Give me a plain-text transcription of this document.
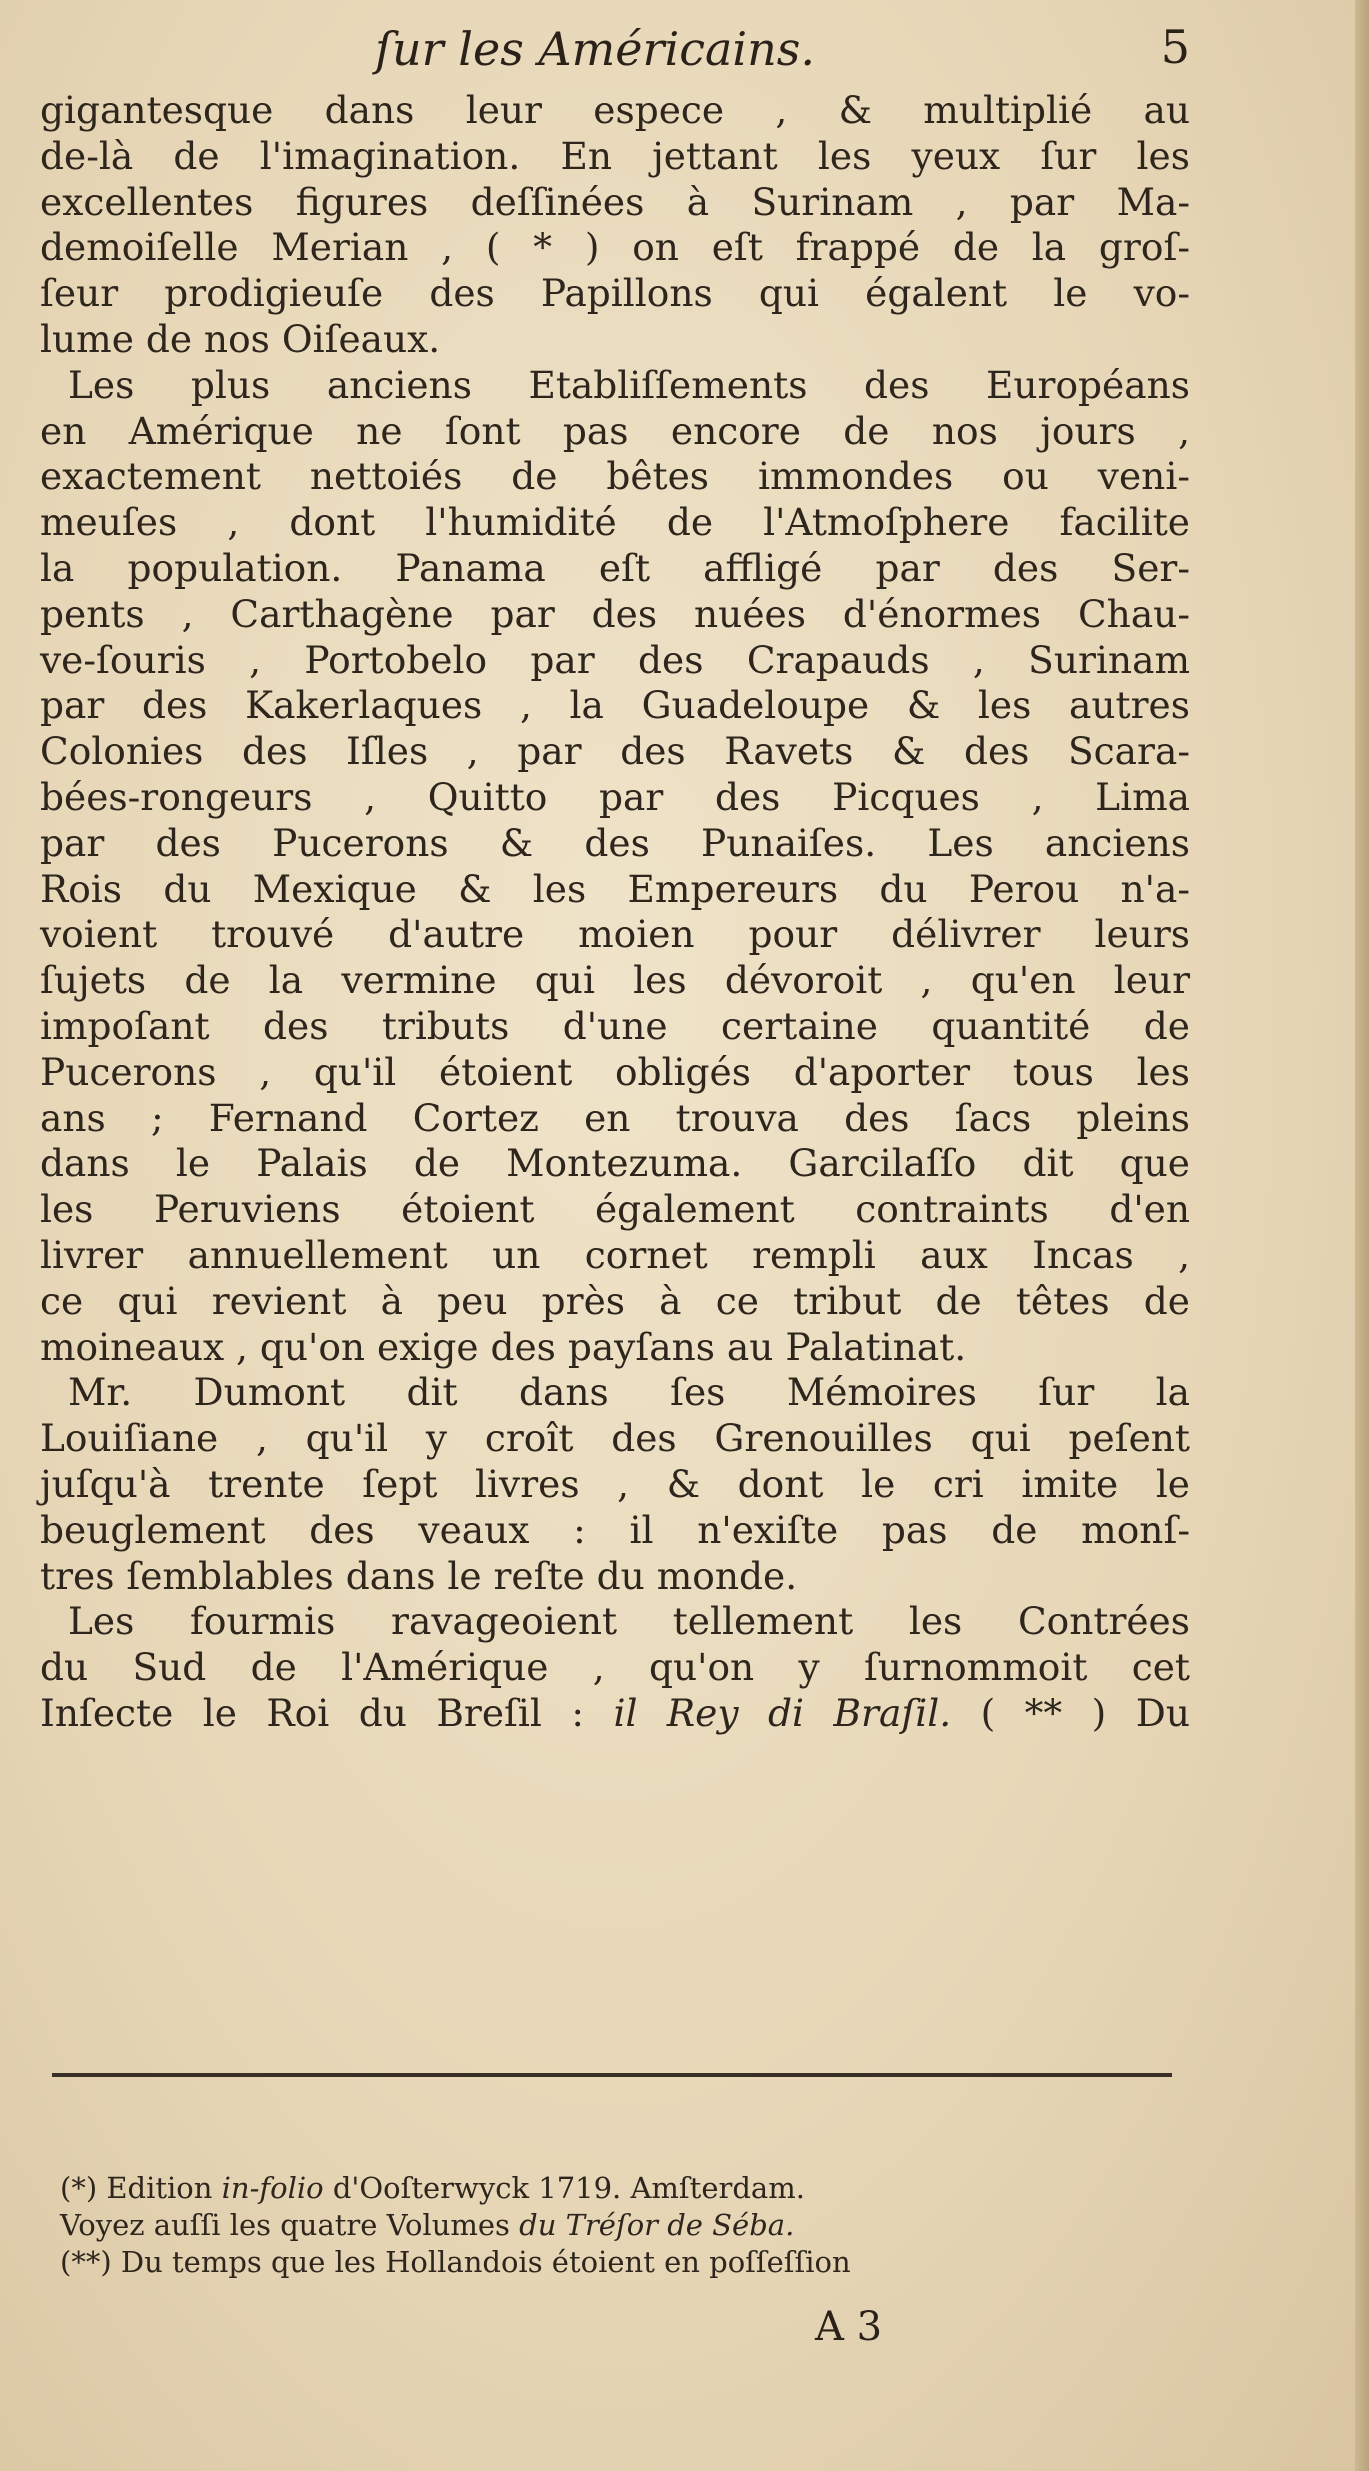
ſur les Américains.	5
gigantesque dans leur espece , & multiplié au
de-là de l'imagination. En jettant les yeux ſur les
excellentes figures deſſinées à Surinam , par Ma-
demoiſelle Merian , ( * ) on eſt frappé de la groſ-
ſeur prodigieuſe des Papillons qui égalent le vo-
lume de nos Oiſeaux.
Les plus anciens Etabliſſements des Européans
en Amérique ne ſont pas encore de nos jours ,
exactement nettoiés de bêtes immondes ou veni-
meuſes , dont l'humidité de l'Atmoſphere facilite
la population. Panama eſt affligé par des Ser-
pents , Carthagène par des nuées d'énormes Chau-
ve-ſouris , Portobelo par des Crapauds , Surinam
par des Kakerlaques , la Guadeloupe & les autres
Colonies des Iſles , par des Ravets & des Scara-
bées-rongeurs , Quitto par des Picques , Lima
par des Pucerons & des Punaiſes. Les anciens
Rois du Mexique & les Empereurs du Perou n'a-
voient trouvé d'autre moien pour délivrer leurs
ſujets de la vermine qui les dévoroit , qu'en leur
impoſant des tributs d'une certaine quantité de
Pucerons , qu'il étoient obligés d'aporter tous les
ans ; Fernand Cortez en trouva des ſacs pleins
dans le Palais de Montezuma. Garcilaſſo dit que
les Peruviens étoient également contraints d'en
livrer annuellement un cornet rempli aux Incas ,
ce qui revient à peu près à ce tribut de têtes de
moineaux , qu'on exige des payſans au Palatinat.
Mr. Dumont dit dans ſes Mémoires ſur la
Louiſiane , qu'il y croît des Grenouilles qui peſent
juſqu'à trente ſept livres , & dont le cri imite le
beuglement des veaux : il n'exiſte pas de monſ-
tres ſemblables dans le reſte du monde.
Les fourmis ravageoient tellement les Contrées
du Sud de l'Amérique , qu'on y ſurnommoit cet
Inſecte le Roi du Breſil : il Rey di Braſil. ( ** ) Du
(*) Edition in-folio d'Ooſterwyck 1719. Amſterdam.
Voyez auſſi les quatre Volumes du Tréſor de Séba.
(**) Du temps que les Hollandois étoient en poſſeſſion
A 3
